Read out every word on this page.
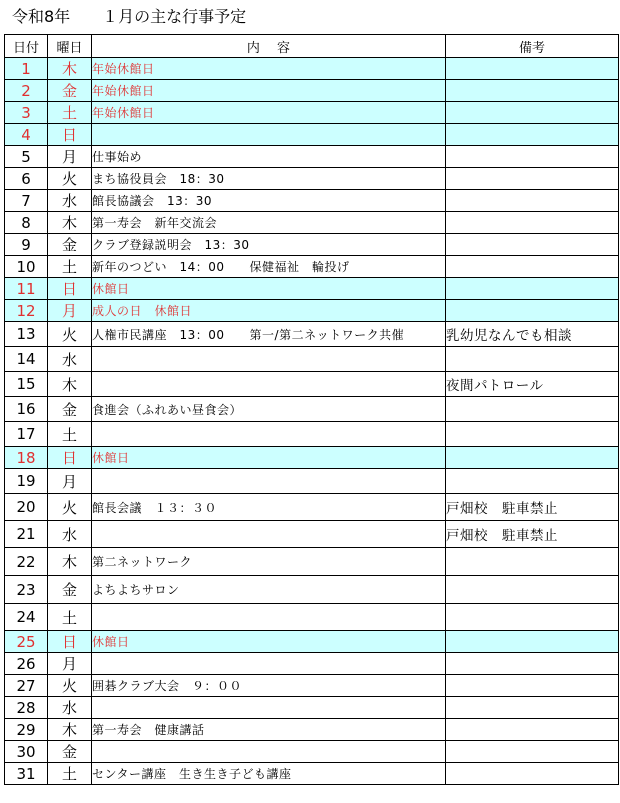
令和8年　　１月の主な行事予定
日付	曜日	内　 容	備考
1	木	年始休館日	
2	金	年始休館日	
3	土	年始休館日	
4	日		
5	月	仕事始め	
6	火	まち協役員会　18：30	
7	水	館長協議会　13：30	
8	木	第一寿会　新年交流会	
9	金	クラブ登録説明会　13：30	
10	土	新年のつどい　14：00　　保健福祉　輪投げ	
11	日	休館日	
12	月	成人の日　休館日	
13	火	人権市民講座　13：00　　第一/第二ネットワーク共催	乳幼児なんでも相談
14	水		
15	木		夜間パトロール
16	金	食進会（ふれあい昼食会）	
17	土		
18	日	休館日	
19	月		
20	火	館長会議　１３：３０	戸畑校　駐車禁止
21	水		戸畑校　駐車禁止
22	木	第二ネットワーク	
23	金	よちよちサロン	
24	土		
25	日	休館日	
26	月		
27	火	囲碁クラブ大会　９：００	
28	水		
29	木	第一寿会　健康講話	
30	金		
31	土	センター講座　生き生き子ども講座	
